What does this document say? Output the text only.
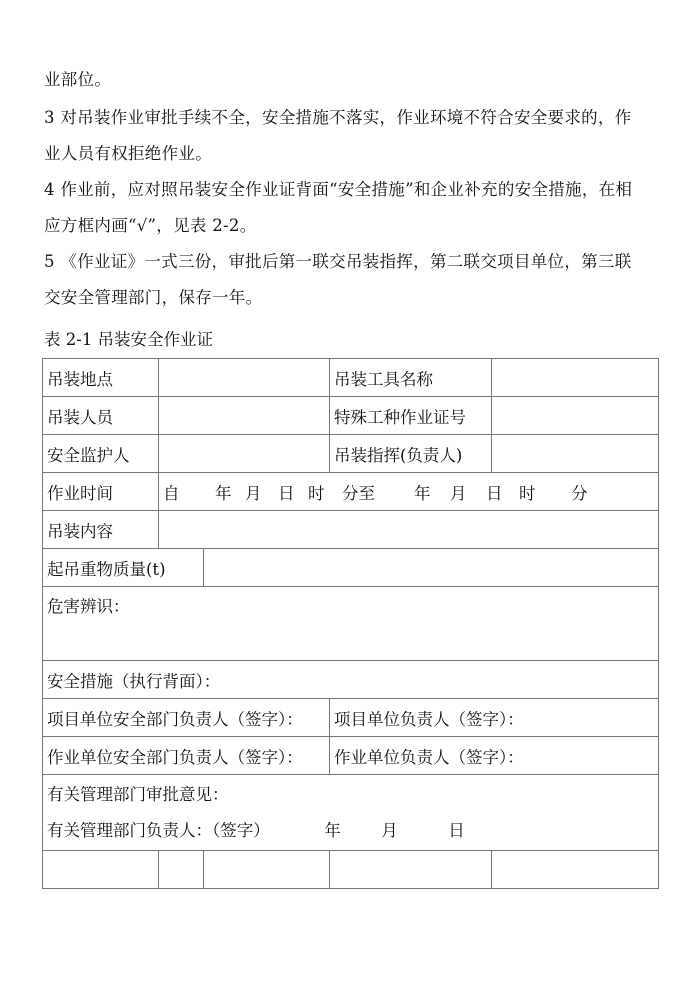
业部位。
3 对吊装作业审批手续不全，安全措施不落实，作业环境不符合安全要求的，作
业人员有权拒绝作业。
4 作业前，应对照吊装安全作业证背面“安全措施”和企业补充的安全措施，在相
应方框内画“√”，见表 2-2。
5 《作业证》一式三份，审批后第一联交吊装指挥，第二联交项目单位，第三联
交安全管理部门，保存一年。
表 2-1 吊装安全作业证
吊装地点			吊装工具名称	
吊装人员			特殊工种作业证号	
安全监护人			吊装指挥(负责人)	
作业时间	自 年 月 日 时 分至 年 月 日 时 分			
吊装内容				
起吊重物质量(t)				
危害辨识：				
安全措施（执行背面）：				
项目单位安全部门负责人（签字）：			项目单位负责人（签字）：	
作业单位安全部门负责人（签字）：			作业单位负责人（签字）：	

有关管理部门审批意见：
有关管理部门负责人：（签字） 年 月 日				
